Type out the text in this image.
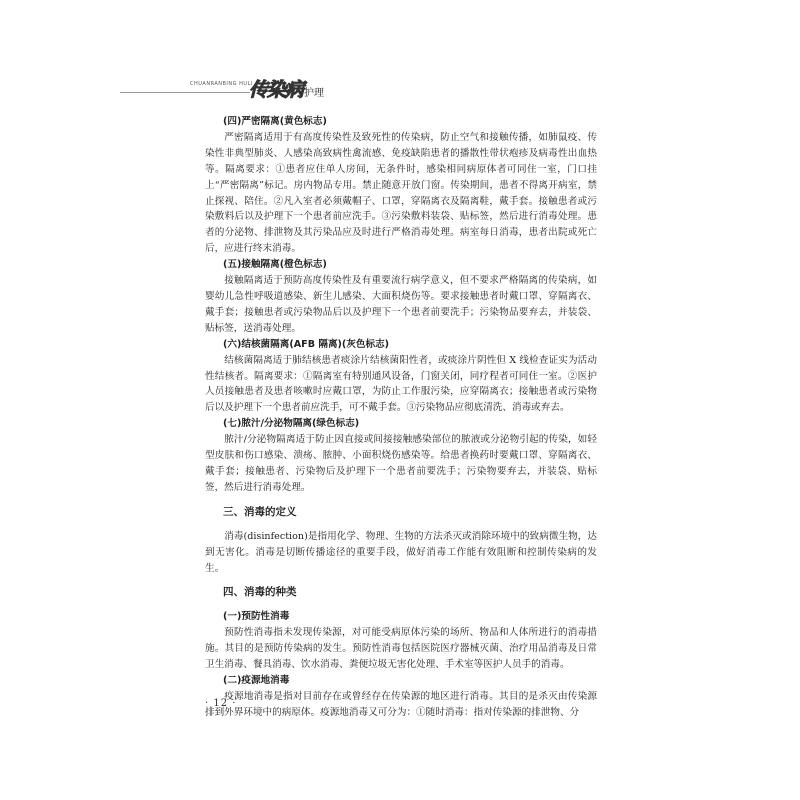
CHUANRANBING HULI
传染病护理
(四)严密隔离(黄色标志)

严密隔离适用于有高度传染性及致死性的传染病，防止空气和接触传播，如肺鼠疫、传染性非典型肺炎、人感染高致病性禽流感、免疫缺陷患者的播散性带状疱疹及病毒性出血热等。隔离要求：①患者应住单人房间，无条件时，感染相同病原体者可同住一室，门口挂上“严密隔离”标记。房内物品专用。禁止随意开放门窗。传染期间，患者不得离开病室，禁止探视、陪住。②凡入室者必须戴帽子、口罩，穿隔离衣及隔离鞋，戴手套。接触患者或污染敷料后以及护理下一个患者前应洗手。③污染敷料装袋、贴标签，然后进行消毒处理。患者的分泌物、排泄物及其污染品应及时进行严格消毒处理。病室每日消毒，患者出院或死亡后，应进行终末消毒。

(五)接触隔离(橙色标志)

接触隔离适于预防高度传染性及有重要流行病学意义，但不要求严格隔离的传染病，如婴幼儿急性呼吸道感染、新生儿感染、大面积烧伤等。要求接触患者时戴口罩、穿隔离衣、戴手套；接触患者或污染物品后以及护理下一个患者前要洗手；污染物品要弃去，并装袋、贴标签，送消毒处理。

(六)结核菌隔离(AFB 隔离)(灰色标志)

结核菌隔离适于肺结核患者痰涂片结核菌阳性者，或痰涂片阴性但 X 线检查证实为活动性结核者。隔离要求：①隔离室有特别通风设备，门窗关闭，同疗程者可同住一室。②医护人员接触患者及患者咳嗽时应戴口罩，为防止工作服污染，应穿隔离衣；接触患者或污染物后以及护理下一个患者前应洗手，可不戴手套。③污染物品应彻底清洗、消毒或弃去。

(七)脓汁/分泌物隔离(绿色标志)

脓汁/分泌物隔离适于防止因直接或间接接触感染部位的脓液或分泌物引起的传染，如轻型皮肤和伤口感染、溃疡、脓肿、小面积烧伤感染等。给患者换药时要戴口罩、穿隔离衣、戴手套；接触患者、污染物后及护理下一个患者前要洗手；污染物要弃去，并装袋、贴标签，然后进行消毒处理。

三、消毒的定义

消毒(disinfection)是指用化学、物理、生物的方法杀灭或消除环境中的致病微生物，达到无害化。消毒是切断传播途径的重要手段，做好消毒工作能有效阻断和控制传染病的发生。

四、消毒的种类
(一)预防性消毒

预防性消毒指未发现传染源，对可能受病原体污染的场所、物品和人体所进行的消毒措施。其目的是预防传染病的发生。预防性消毒包括医院医疗器械灭菌、治疗用品消毒及日常卫生消毒、餐具消毒、饮水消毒、粪便垃圾无害化处理、手术室等医护人员手的消毒。

(二)疫源地消毒

疫源地消毒是指对目前存在或曾经存在传染源的地区进行消毒。其目的是杀灭由传染源排到外界环境中的病原体。疫源地消毒又可分为：①随时消毒：指对传染源的排泄物、分

· 12 ·
